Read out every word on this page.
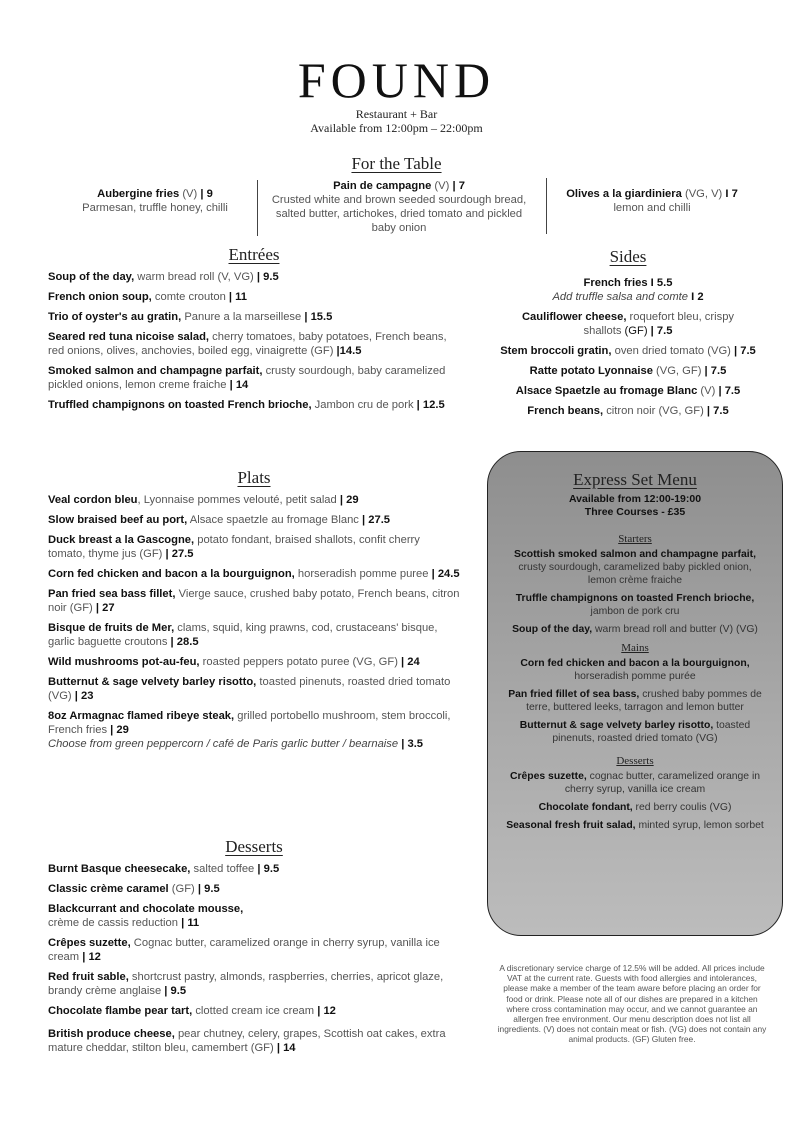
FOUND
Restaurant + Bar
Available from 12:00pm – 22:00pm
For the Table
Aubergine fries (V) | 9
Parmesan, truffle honey, chilli
Pain de campagne (V) | 7
Crusted white and brown seeded sourdough bread, salted butter, artichokes, dried tomato and pickled baby onion
Olives a la giardiniera (VG, V) I 7
lemon and chilli
Entrées
Soup of the day, warm bread roll (V, VG) | 9.5
French onion soup, comte crouton | 11
Trio of oyster's au gratin, Panure a la marseillese | 15.5
Seared red tuna nicoise salad, cherry tomatoes, baby potatoes, French beans, red onions, olives, anchovies, boiled egg, vinaigrette (GF) |14.5
Smoked salmon and champagne parfait, crusty sourdough, baby caramelized pickled onions, lemon creme fraiche | 14
Truffled champignons on toasted French brioche, Jambon cru de pork | 12.5
Plats
Veal cordon bleu, Lyonnaise pommes velouté, petit salad | 29
Slow braised beef au port, Alsace spaetzle au fromage Blanc | 27.5
Duck breast a la Gascogne, potato fondant, braised shallots, confit cherry tomato, thyme jus (GF) | 27.5
Corn fed chicken and bacon a la bourguignon, horseradish pomme puree | 24.5
Pan fried sea bass fillet, Vierge sauce, crushed baby potato, French beans, citron noir (GF) | 27
Bisque de fruits de Mer, clams, squid, king prawns, cod, crustaceans' bisque, garlic baguette croutons | 28.5
Wild mushrooms pot-au-feu, roasted peppers potato puree (VG, GF) | 24
Butternut & sage velvety barley risotto, toasted pinenuts, roasted dried tomato (VG) | 23
8oz Armagnac flamed ribeye steak, grilled portobello mushroom, stem broccoli, French fries | 29
Choose from green peppercorn / café de Paris garlic butter / bearnaise | 3.5
Desserts
Burnt Basque cheesecake, salted toffee | 9.5
Classic crème caramel (GF) | 9.5
Blackcurrant and chocolate mousse,
crème de cassis reduction | 11
Crêpes suzette, Cognac butter, caramelized orange in cherry syrup, vanilla ice cream | 12
Red fruit sable, shortcrust pastry, almonds, raspberries, cherries, apricot glaze, brandy crème anglaise | 9.5
Chocolate flambe pear tart, clotted cream ice cream | 12
British produce cheese, pear chutney, celery, grapes, Scottish oat cakes, extra mature cheddar, stilton bleu, camembert (GF) | 14
Sides
French fries I 5.5
Add truffle salsa and comte I 2
Cauliflower cheese, roquefort bleu, crispy shallots (GF) | 7.5
Stem broccoli gratin, oven dried tomato (VG) | 7.5
Ratte potato Lyonnaise (VG, GF) | 7.5
Alsace Spaetzle au fromage Blanc (V) | 7.5
French beans, citron noir (VG, GF) | 7.5
Express Set Menu
Available from 12:00-19:00
Three Courses - £35
Starters
Scottish smoked salmon and champagne parfait, crusty sourdough, caramelized baby pickled onion, lemon crème fraiche
Truffle champignons on toasted French brioche, jambon de pork cru
Soup of the day, warm bread roll and butter (V) (VG)
Mains
Corn fed chicken and bacon a la bourguignon, horseradish pomme purée
Pan fried fillet of sea bass, crushed baby pommes de terre, buttered leeks, tarragon and lemon butter
Butternut & sage velvety barley risotto, toasted pinenuts, roasted dried tomato (VG)
Desserts
Crêpes suzette, cognac butter, caramelized orange in cherry syrup, vanilla ice cream
Chocolate fondant, red berry coulis (VG)
Seasonal fresh fruit salad, minted syrup, lemon sorbet
A discretionary service charge of 12.5% will be added. All prices include VAT at the current rate. Guests with food allergies and intolerances, please make a member of the team aware before placing an order for food or drink. Please note all of our dishes are prepared in a kitchen where cross contamination may occur, and we cannot guarantee an allergen free environment. Our menu description does not list all ingredients. (V) does not contain meat or fish. (VG) does not contain any animal products. (GF) Gluten free.
